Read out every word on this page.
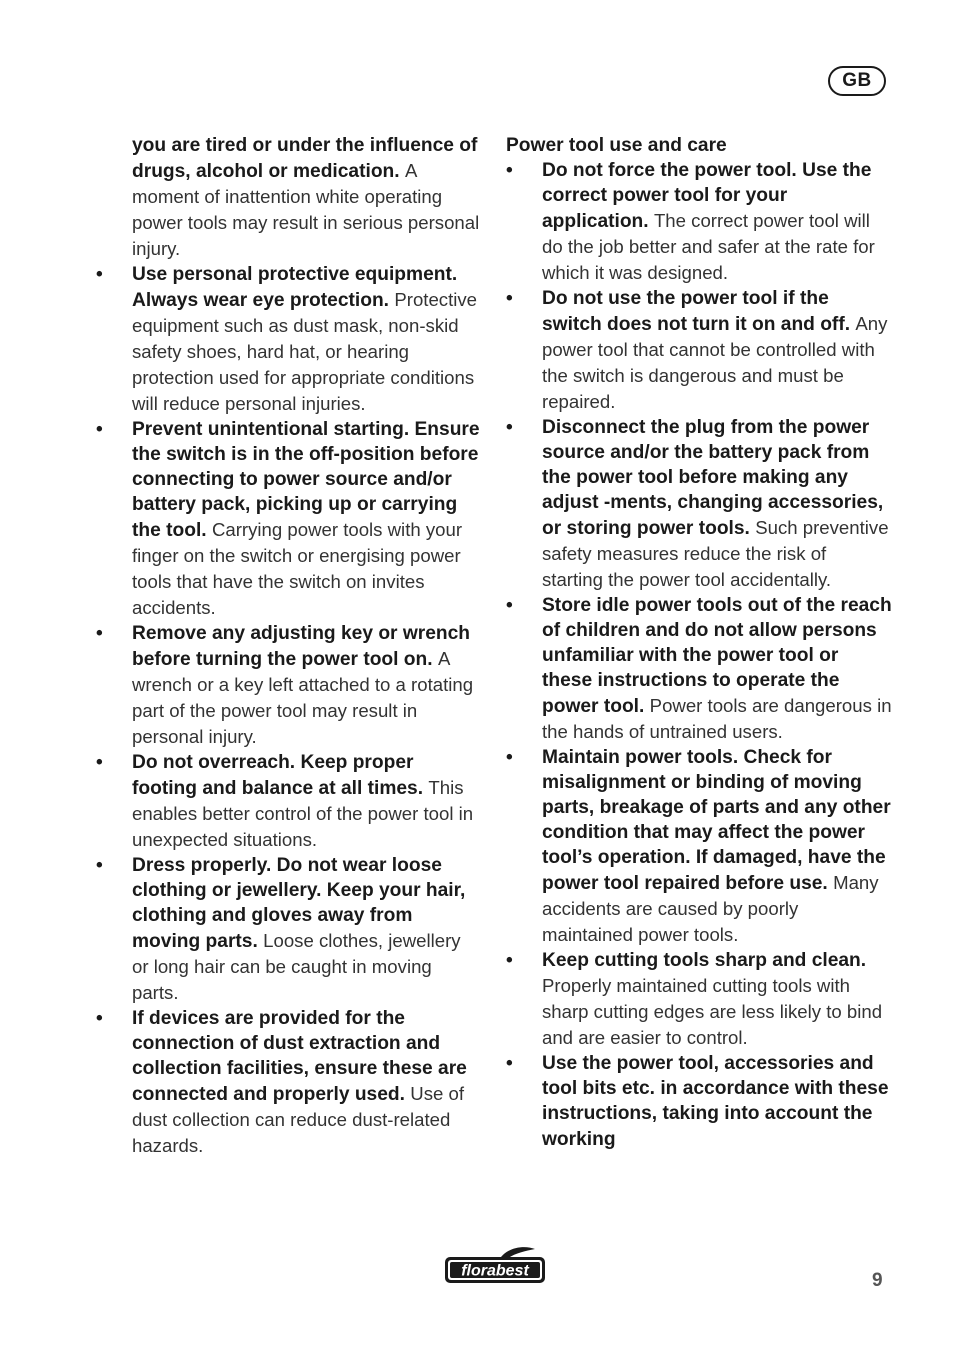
GB

you are tired or under the influence of drugs, alcohol or medication. A moment of inattention white operating power tools may result in serious personal injury.

• Use personal protective equipment. Always wear eye protection. Protective equipment such as dust mask, non-skid safety shoes, hard hat, or hearing protection used for appropriate conditions will reduce personal injuries.

• Prevent unintentional starting. Ensure the switch is in the off-position before connecting to power source and/or battery pack, picking up or carrying the tool. Carrying power tools with your finger on the switch or energising power tools that have the switch on invites accidents.

• Remove any adjusting key or wrench before turning the power tool on. A wrench or a key left attached to a rotating part of the power tool may result in personal injury.

• Do not overreach. Keep proper footing and balance at all times. This enables better control of the power tool in unexpected situations.

• Dress properly. Do not wear loose clothing or jewellery. Keep your hair, clothing and gloves away from moving parts. Loose clothes, jewellery or long hair can be caught in moving parts.

• If devices are provided for the connection of dust extraction and collection facilities, ensure these are connected and properly used. Use of dust collection can reduce dust-related hazards.

Power tool use and care

• Do not force the power tool. Use the correct power tool for your application. The correct power tool will do the job better and safer at the rate for which it was designed.

• Do not use the power tool if the switch does not turn it on and off. Any power tool that cannot be controlled with the switch is dangerous and must be repaired.

• Disconnect the plug from the power source and/or the battery pack from the power tool before making any adjust -ments, changing accessories, or storing power tools. Such preventive safety measures reduce the risk of starting the power tool accidentally.

• Store idle power tools out of the reach of children and do not allow persons unfamiliar with the power tool or these instructions to operate the power tool. Power tools are dangerous in the hands of untrained users.

• Maintain power tools. Check for misalignment or binding of moving parts, breakage of parts and any other condition that may affect the power tool’s operation. If damaged, have the power tool repaired before use. Many accidents are caused by poorly maintained power tools.

• Keep cutting tools sharp and clean. Properly maintained cutting tools with sharp cutting edges are less likely to bind and are easier to control.

• Use the power tool, accessories and tool bits etc. in accordance with these instructions, taking into account the working

florabest	9
